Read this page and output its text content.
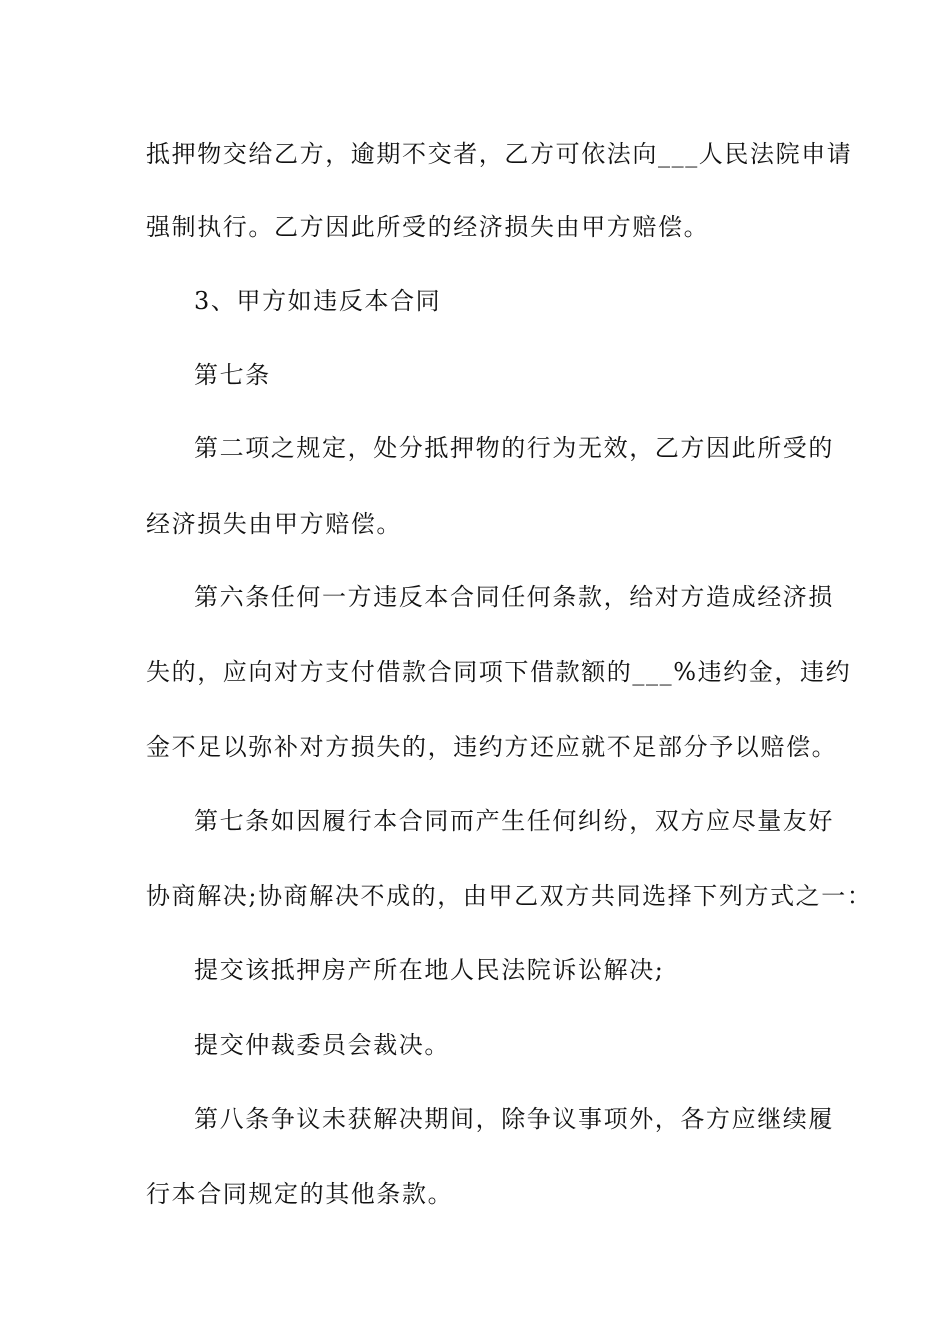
抵押物交给乙方，逾期不交者，乙方可依法向___人民法院申请

强制执行。乙方因此所受的经济损失由甲方赔偿。

3、甲方如违反本合同

第七条

第二项之规定，处分抵押物的行为无效，乙方因此所受的

经济损失由甲方赔偿。

第六条任何一方违反本合同任何条款，给对方造成经济损

失的，应向对方支付借款合同项下借款额的___%违约金，违约

金不足以弥补对方损失的，违约方还应就不足部分予以赔偿。

第七条如因履行本合同而产生任何纠纷，双方应尽量友好

协商解决;协商解决不成的，由甲乙双方共同选择下列方式之一：

提交该抵押房产所在地人民法院诉讼解决;

提交仲裁委员会裁决。

第八条争议未获解决期间，除争议事项外，各方应继续履

行本合同规定的其他条款。
